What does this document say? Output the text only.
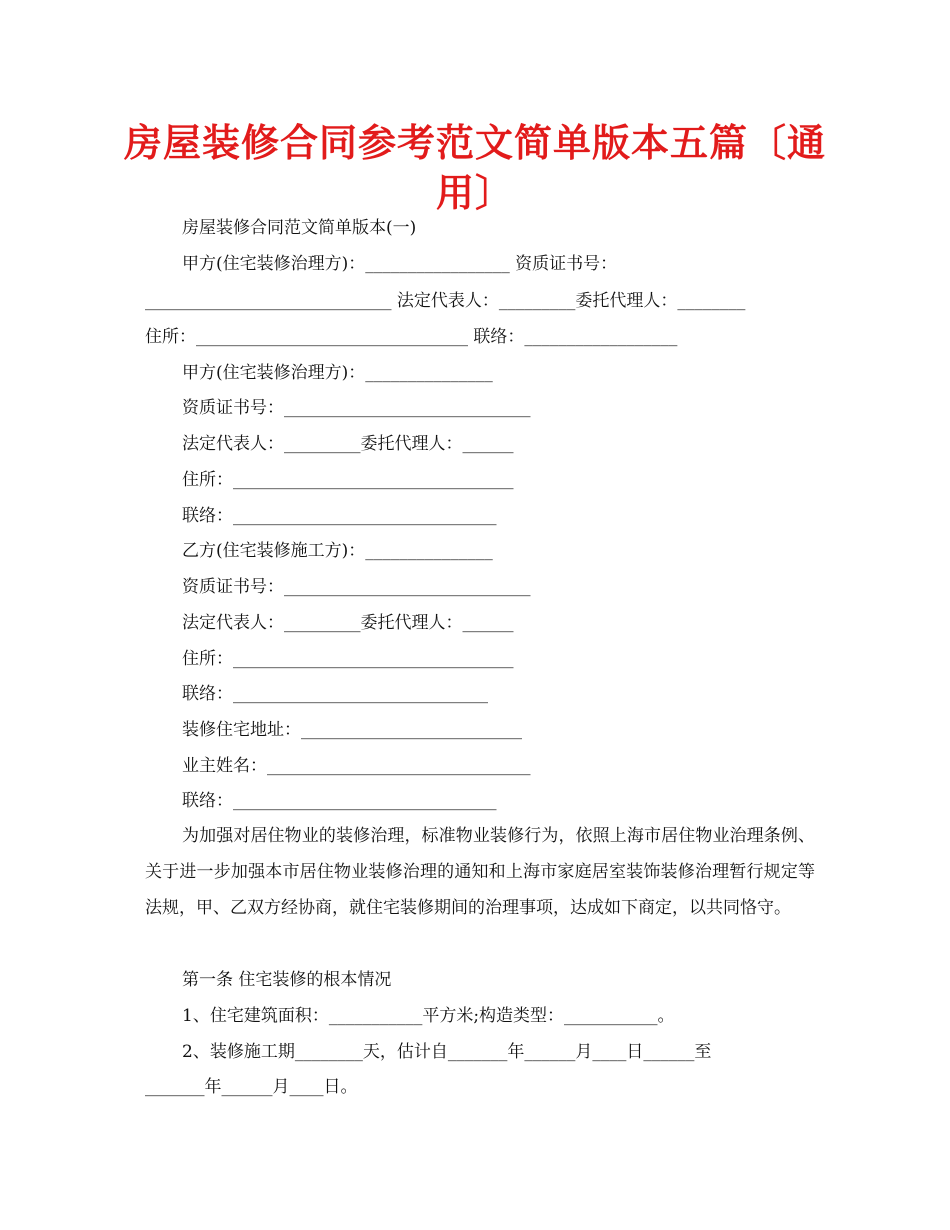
房屋装修合同参考范文简单版本五篇〔通用〕
房屋装修合同范文简单版本(一)
甲方(住宅装修治理方)：_________________ 资质证书号：
_____________________________ 法定代表人：_________委托代理人：________
住所：________________________________ 联络：__________________
甲方(住宅装修治理方)：_______________
资质证书号：_____________________________
法定代表人：_________委托代理人：______
住所：_________________________________
联络：_______________________________
乙方(住宅装修施工方)：_______________
资质证书号：_____________________________
法定代表人：_________委托代理人：______
住所：_________________________________
联络：______________________________
装修住宅地址：__________________________
业主姓名：_______________________________
联络：_______________________________
为加强对居住物业的装修治理，标准物业装修行为，依照上海市居住物业治理条例、关于进一步加强本市居住物业装修治理的通知和上海市家庭居室装饰装修治理暂行规定等法规，甲、乙双方经协商，就住宅装修期间的治理事项，达成如下商定，以共同恪守。
第一条 住宅装修的根本情况
1、住宅建筑面积：___________平方米;构造类型：___________。
2、装修施工期________天，估计自_______年______月____日______至
_______年______月____日。
